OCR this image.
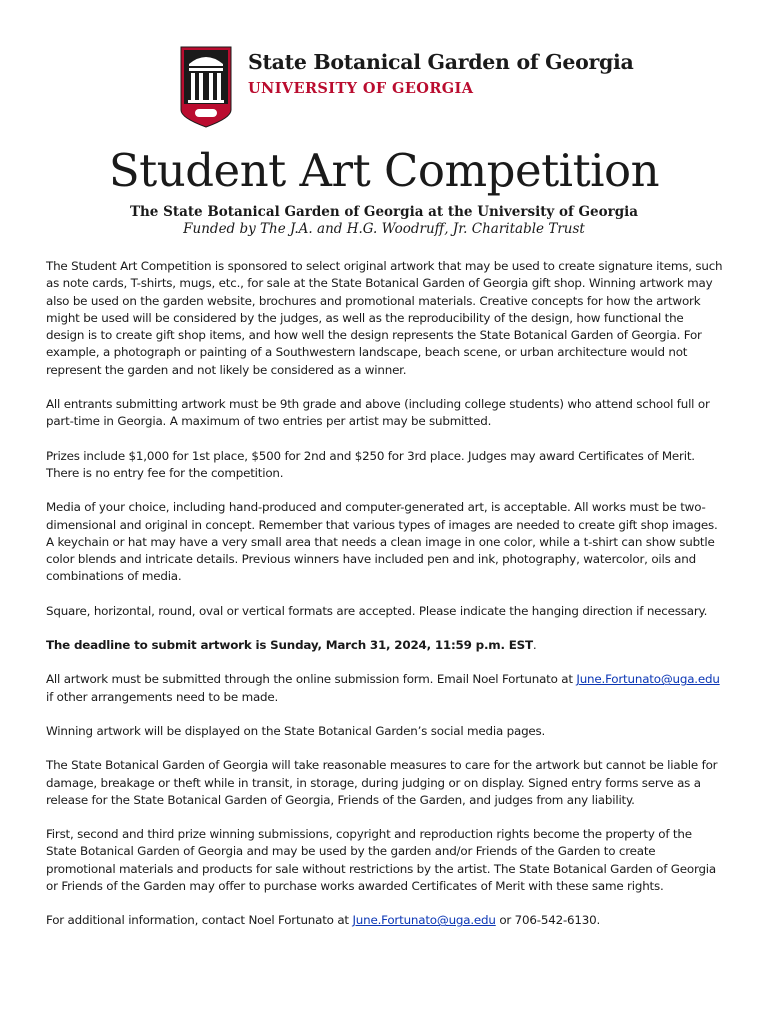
State Botanical Garden of Georgia
UNIVERSITY OF GEORGIA
Student Art Competition
The State Botanical Garden of Georgia at the University of Georgia
Funded by The J.A. and H.G. Woodruff, Jr. Charitable Trust

The Student Art Competition is sponsored to select original artwork that may be used to create signature items, such as note cards, T-shirts, mugs, etc., for sale at the State Botanical Garden of Georgia gift shop. Winning artwork may also be used on the garden website, brochures and promotional materials. Creative concepts for how the artwork might be used will be considered by the judges, as well as the reproducibility of the design, how functional the design is to create gift shop items, and how well the design represents the State Botanical Garden of Georgia. For example, a photograph or painting of a Southwestern landscape, beach scene, or urban architecture would not represent the garden and not likely be considered as a winner.

All entrants submitting artwork must be 9th grade and above (including college students) who attend school full or part-time in Georgia. A maximum of two entries per artist may be submitted.

Prizes include $1,000 for 1st place, $500 for 2nd and $250 for 3rd place. Judges may award Certificates of Merit. There is no entry fee for the competition.

Media of your choice, including hand-produced and computer-generated art, is acceptable. All works must be two-dimensional and original in concept. Remember that various types of images are needed to create gift shop images. A keychain or hat may have a very small area that needs a clean image in one color, while a t-shirt can show subtle color blends and intricate details. Previous winners have included pen and ink, photography, watercolor, oils and combinations of media.

Square, horizontal, round, oval or vertical formats are accepted. Please indicate the hanging direction if necessary.

The deadline to submit artwork is Sunday, March 31, 2024, 11:59 p.m. EST.

All artwork must be submitted through the online submission form. Email Noel Fortunato at June.Fortunato@uga.edu if other arrangements need to be made.

Winning artwork will be displayed on the State Botanical Garden’s social media pages.

The State Botanical Garden of Georgia will take reasonable measures to care for the artwork but cannot be liable for damage, breakage or theft while in transit, in storage, during judging or on display. Signed entry forms serve as a release for the State Botanical Garden of Georgia, Friends of the Garden, and judges from any liability.

First, second and third prize winning submissions, copyright and reproduction rights become the property of the State Botanical Garden of Georgia and may be used by the garden and/or Friends of the Garden to create promotional materials and products for sale without restrictions by the artist. The State Botanical Garden of Georgia or Friends of the Garden may offer to purchase works awarded Certificates of Merit with these same rights.

For additional information, contact Noel Fortunato at June.Fortunato@uga.edu or 706-542-6130.
